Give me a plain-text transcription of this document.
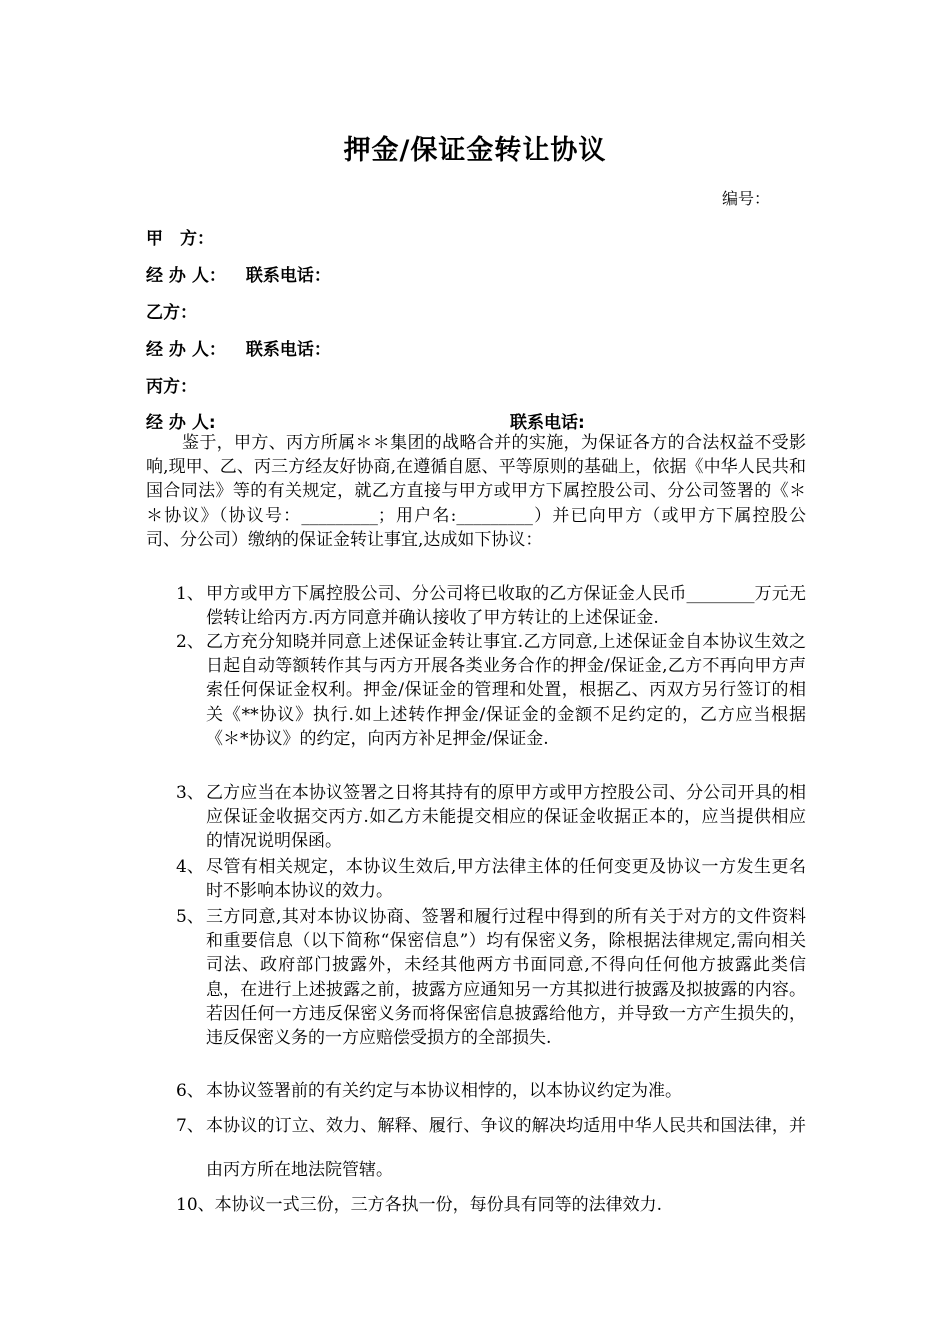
押金/保证金转让协议
编号：
甲　方：
经 办 人： 联系电话：
乙方：
经 办 人： 联系电话：
丙方：
经 办 人:	联系电话:
鉴于，甲方、丙方所属＊＊集团的战略合并的实施，为保证各方的合法权益不受影响,现甲、乙、丙三方经友好协商,在遵循自愿、平等原则的基础上，依据《中华人民共和国合同法》等的有关规定，就乙方直接与甲方或甲方下属控股公司、分公司签署的《＊＊协议》（协议号：_________；用户名:_________）并已向甲方（或甲方下属控股公司、分公司）缴纳的保证金转让事宜,达成如下协议：
1、 甲方或甲方下属控股公司、分公司将已收取的乙方保证金人民币________万元无偿转让给丙方.丙方同意并确认接收了甲方转让的上述保证金.
2、 乙方充分知晓并同意上述保证金转让事宜.乙方同意,上述保证金自本协议生效之日起自动等额转作其与丙方开展各类业务合作的押金/保证金,乙方不再向甲方声索任何保证金权利。押金/保证金的管理和处置，根据乙、丙双方另行签订的相关《**协议》执行.如上述转作押金/保证金的金额不足约定的，乙方应当根据《＊*协议》的约定，向丙方补足押金/保证金.
3、 乙方应当在本协议签署之日将其持有的原甲方或甲方控股公司、分公司开具的相应保证金收据交丙方.如乙方未能提交相应的保证金收据正本的，应当提供相应的情况说明保函。
4、 尽管有相关规定，本协议生效后,甲方法律主体的任何变更及协议一方发生更名时不影响本协议的效力。
5、 三方同意,其对本协议协商、签署和履行过程中得到的所有关于对方的文件资料和重要信息（以下简称“保密信息”）均有保密义务，除根据法律规定,需向相关司法、政府部门披露外，未经其他两方书面同意,不得向任何他方披露此类信息，在进行上述披露之前，披露方应通知另一方其拟进行披露及拟披露的内容。若因任何一方违反保密义务而将保密信息披露给他方，并导致一方产生损失的，违反保密义务的一方应赔偿受损方的全部损失.
6、 本协议签署前的有关约定与本协议相悖的，以本协议约定为准。
7、 本协议的订立、效力、解释、履行、争议的解决均适用中华人民共和国法律，并由丙方所在地法院管辖。
10、本协议一式三份，三方各执一份，每份具有同等的法律效力.
